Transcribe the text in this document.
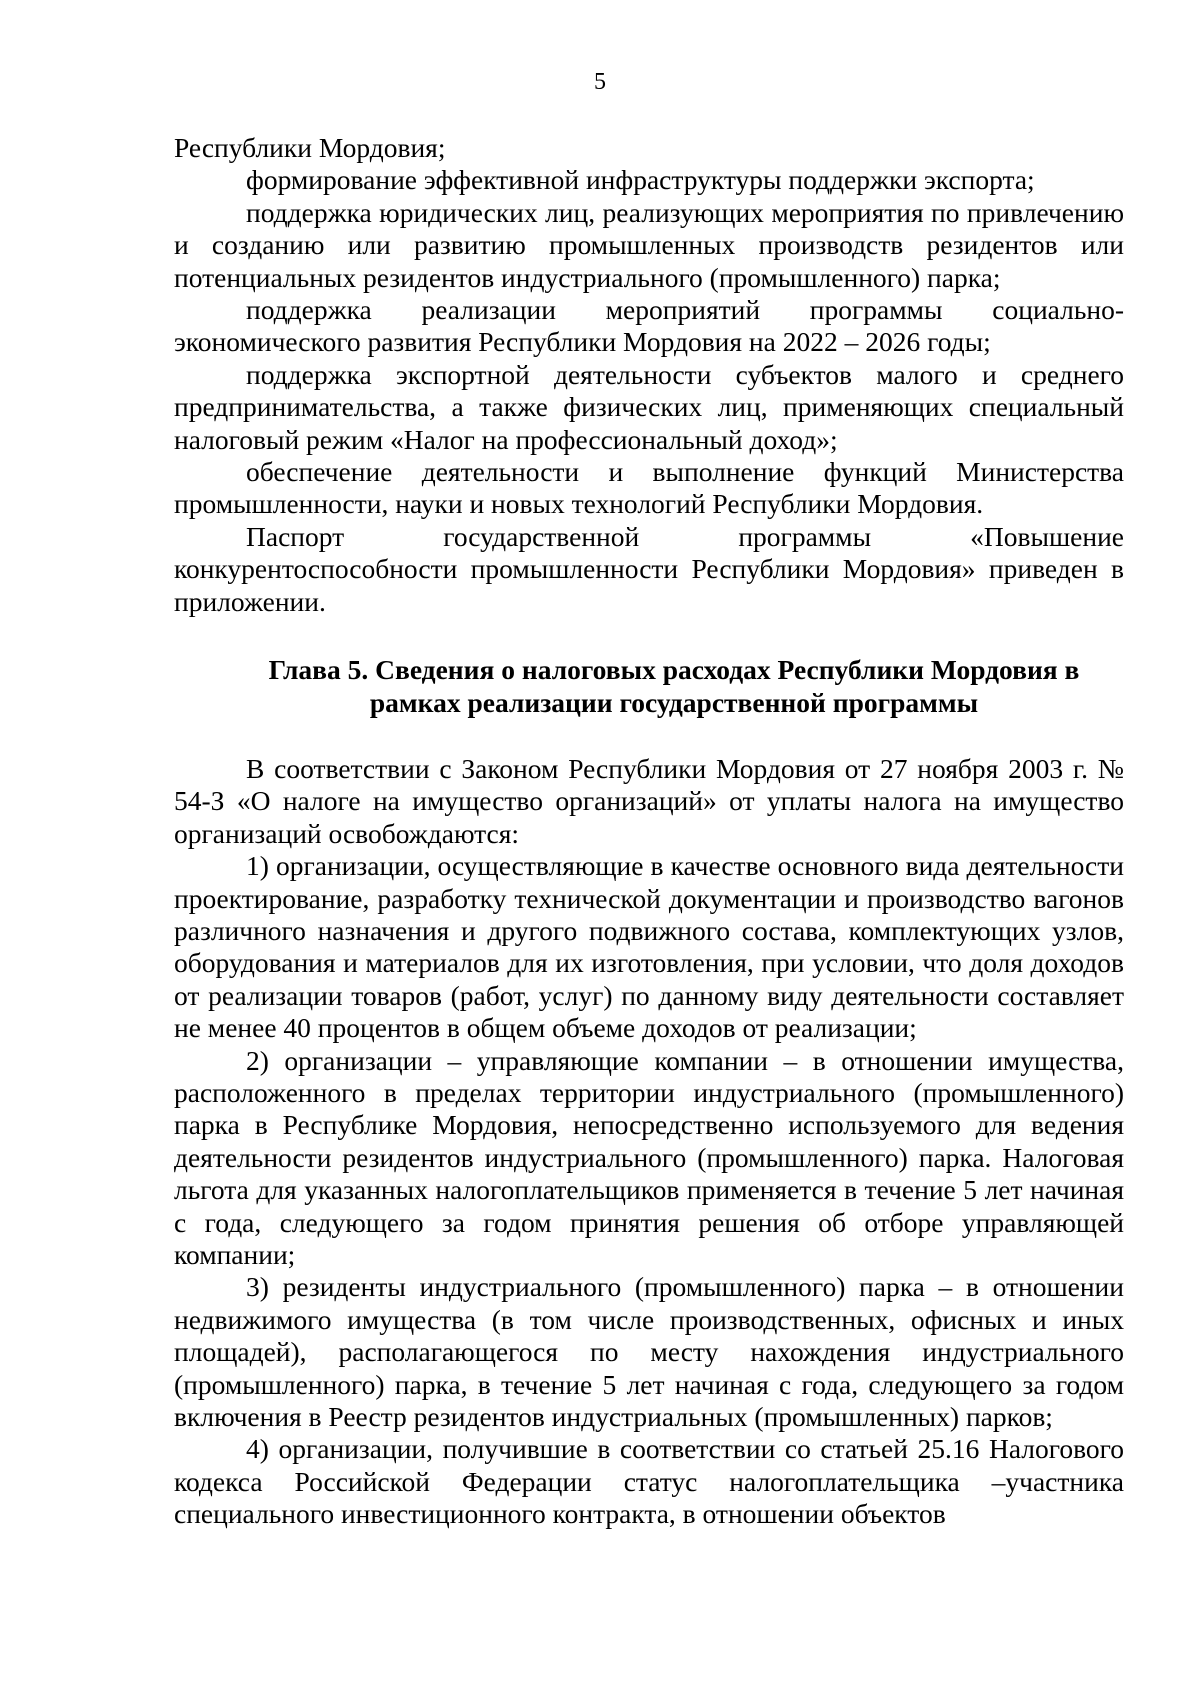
5

Республики Мордовия;

формирование эффективной инфраструктуры поддержки экспорта;

поддержка юридических лиц, реализующих мероприятия по привлечению и созданию или развитию промышленных производств резидентов или потенциальных резидентов индустриального (промышленного) парка;

поддержка реализации мероприятий программы социально-экономического развития Республики Мордовия на 2022 – 2026 годы;

поддержка экспортной деятельности субъектов малого и среднего предпринимательства, а также физических лиц, применяющих специальный налоговый режим «Налог на профессиональный доход»;

обеспечение деятельности и выполнение функций Министерства промышленности, науки и новых технологий Республики Мордовия.

Паспорт государственной программы «Повышение конкурентоспособности промышленности Республики Мордовия» приведен в приложении.

Глава 5. Сведения о налоговых расходах Республики Мордовия в рамках реализации государственной программы

В соответствии с Законом Республики Мордовия от 27 ноября 2003 г. № 54-З «О налоге на имущество организаций» от уплаты налога на имущество организаций освобождаются:

1) организации, осуществляющие в качестве основного вида деятельности проектирование, разработку технической документации и производство вагонов различного назначения и другого подвижного состава, комплектующих узлов, оборудования и материалов для их изготовления, при условии, что доля доходов от реализации товаров (работ, услуг) по данному виду деятельности составляет не менее 40 процентов в общем объеме доходов от реализации;

2) организации – управляющие компании – в отношении имущества, расположенного в пределах территории индустриального (промышленного) парка в Республике Мордовия, непосредственно используемого для ведения деятельности резидентов индустриального (промышленного) парка. Налоговая льгота для указанных налогоплательщиков применяется в течение 5 лет начиная с года, следующего за годом принятия решения об отборе управляющей компании;

3) резиденты индустриального (промышленного) парка – в отношении недвижимого имущества (в том числе производственных, офисных и иных площадей), располагающегося по месту нахождения индустриального (промышленного) парка, в течение 5 лет начиная с года, следующего за годом включения в Реестр резидентов индустриальных (промышленных) парков;

4) организации, получившие в соответствии со статьей 25.16 Налогового кодекса Российской Федерации статус налогоплательщика –участника специального инвестиционного контракта, в отношении объектов
